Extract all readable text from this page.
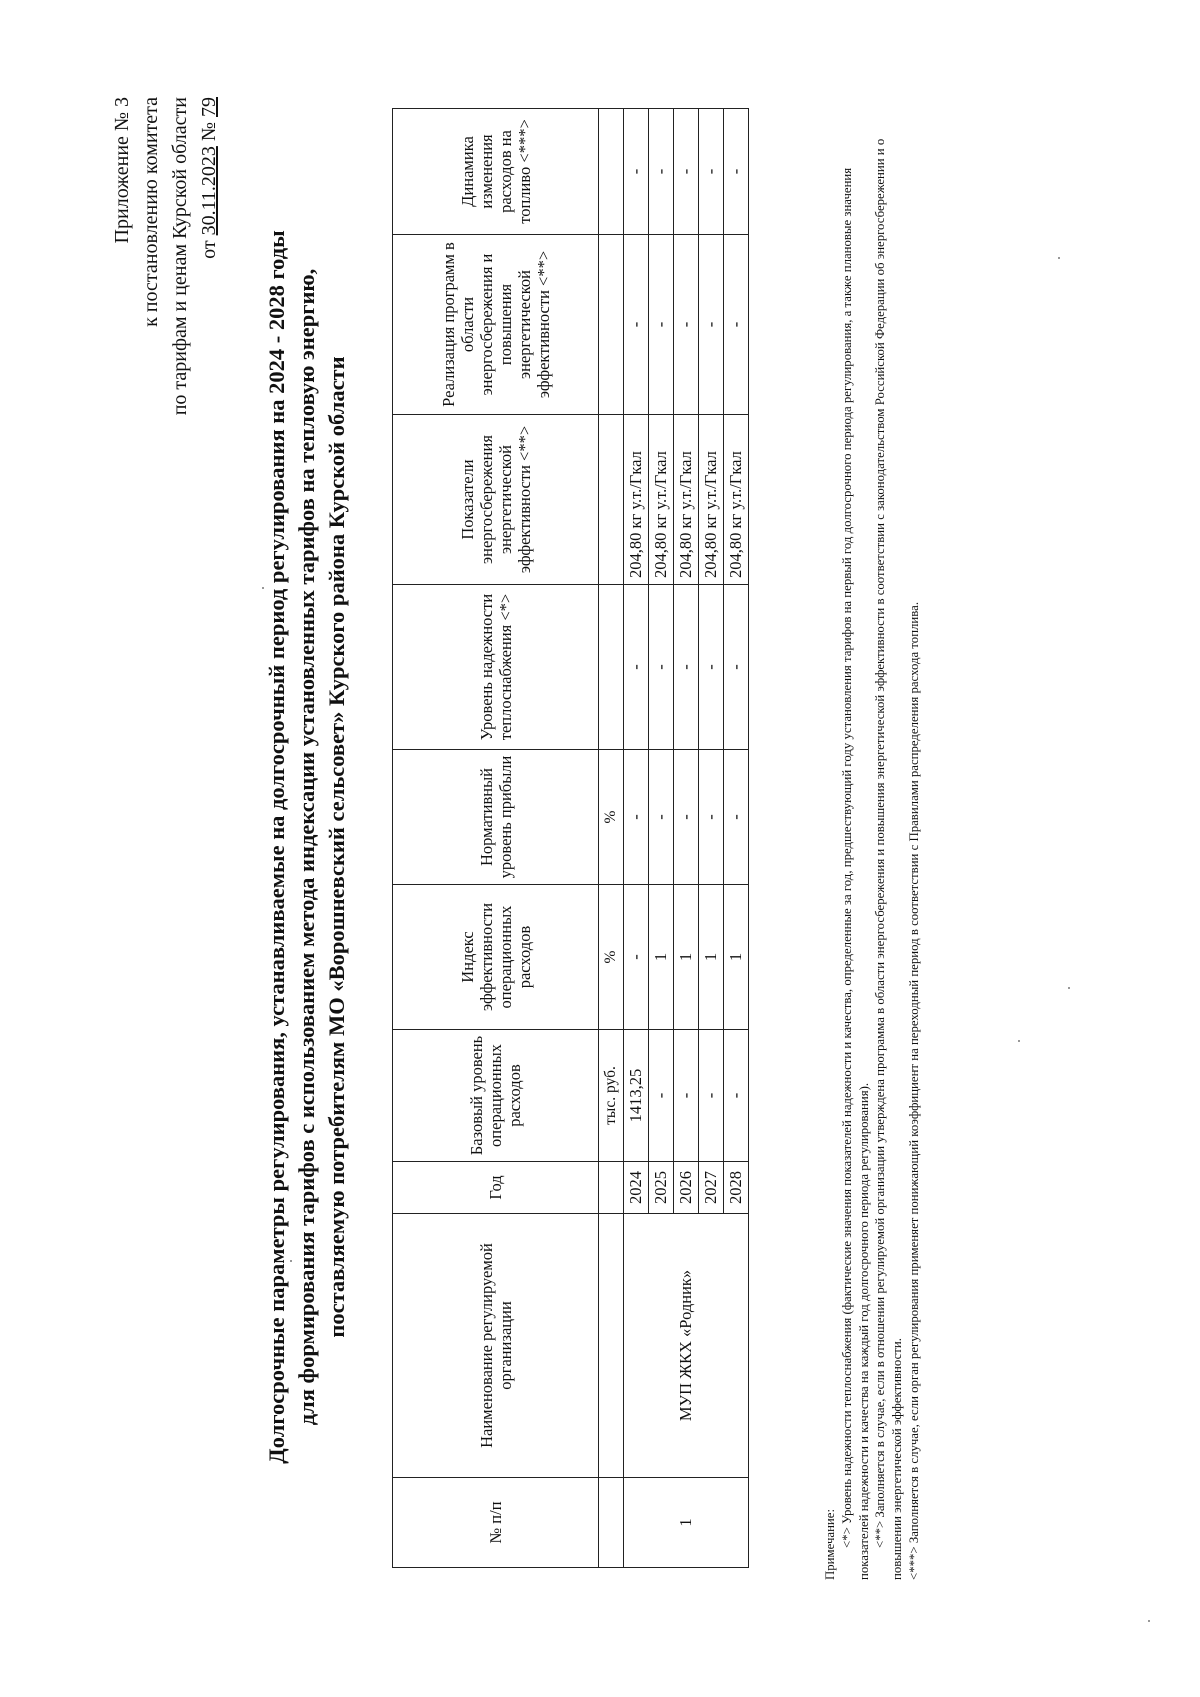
Приложение № 3 к постановлению комитета по тарифам и ценам Курской области от 30.11.2023 № 79
Долгосрочные параметры регулирования, устанавливаемые на долгосрочный период регулирования на 2024 - 2028 годы для формирования тарифов с использованием метода индексации установленных тарифов на тепловую энергию, поставляемую потребителям МО «Ворошневский сельсовет» Курского района Курской области
№ п/п	Наименование регулируемой организации	Год	Базовый уровень операционных расходов	Индекс эффективности операционных расходов	Нормативный уровень прибыли	Уровень надежности теплоснабжения <*>	Показатели энергосбережения энергетической эффективности <**>	Реализация программ в области энергосбережения и повышения энергетической эффективности <**>	Динамика изменения расходов на топливо <***>
			тыс. руб.	%	%				
1	МУП ЖКХ «Родник»	2024	1413,25	-	-	-	204,80 кг у.т./Гкал	-	-
		2025	-	1	-	-	204,80 кг у.т./Гкал	-	-
		2026	-	1	-	-	204,80 кг у.т./Гкал	-	-
		2027	-	1	-	-	204,80 кг у.т./Гкал	-	-
		2028	-	1	-	-	204,80 кг у.т./Гкал	-	-

Примечание: <*> Уровень надежности теплоснабжения (фактические значения показателей надежности и качества, определенные за год, предшествующий году установления тарифов на первый год долгосрочного периода регулирования, а также плановые значения показателей надежности и качества на каждый год долгосрочного периода регулирования). <**> Заполняется в случае, если в отношении регулируемой организации утверждена программа в области энергосбережения и повышения энергетической эффективности в соответствии с законодательством Российской Федерации об энергосбережении и о повышении энергетической эффективности. <***> Заполняется в случае, если орган регулирования применяет понижающий коэффициент на переходный период в соответствии с Правилами распределения расхода топлива.
